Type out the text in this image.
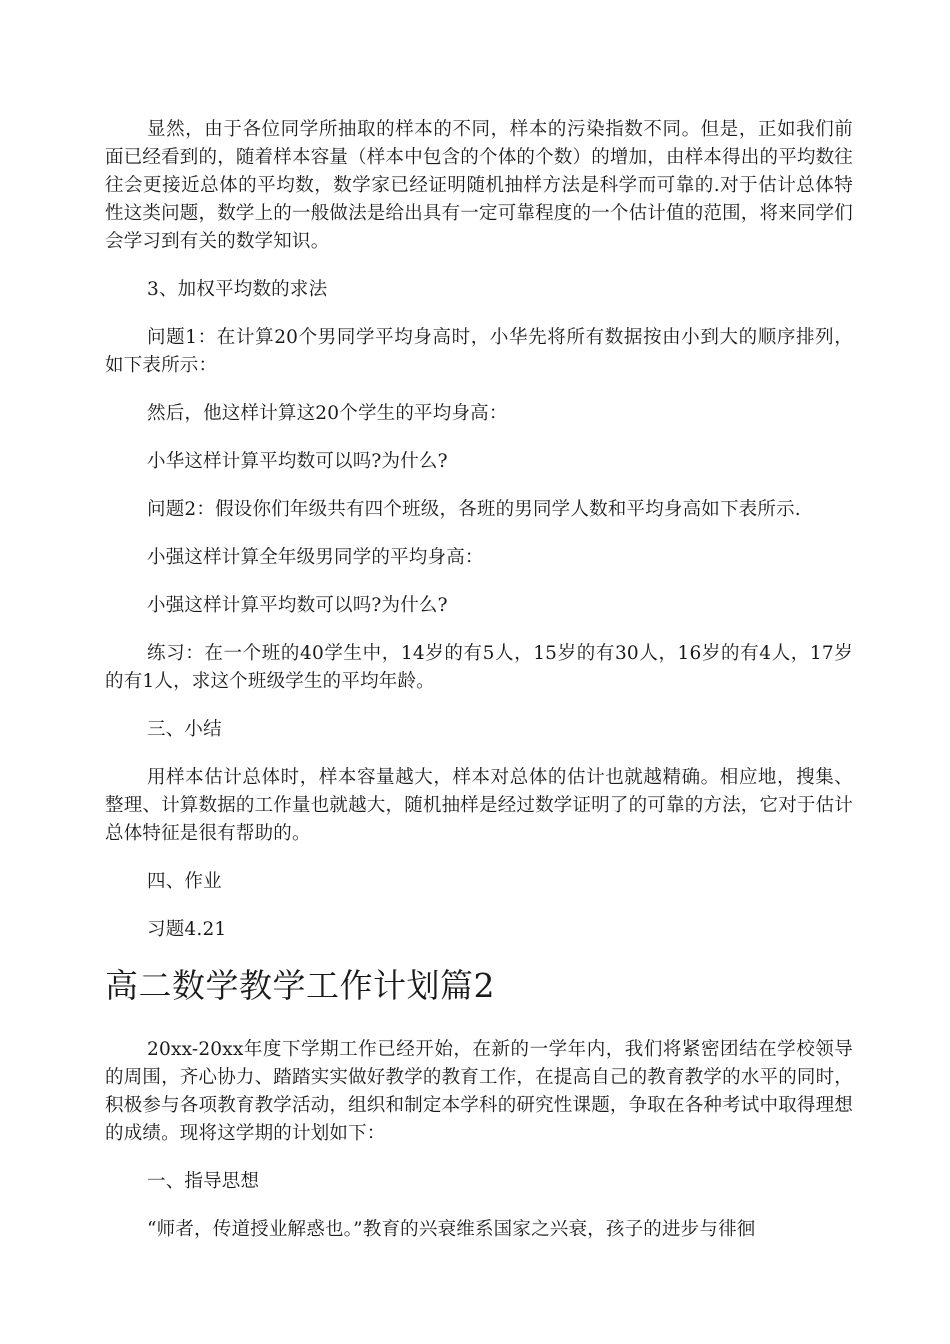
显然，由于各位同学所抽取的样本的不同，样本的污染指数不同。但是，正如我们前面已经看到的，随着样本容量（样本中包含的个体的个数）的增加，由样本得出的平均数往往会更接近总体的平均数，数学家已经证明随机抽样方法是科学而可靠的.对于估计总体特性这类问题，数学上的一般做法是给出具有一定可靠程度的一个估计值的范围，将来同学们会学习到有关的数学知识。

3、加权平均数的求法

问题1：在计算20个男同学平均身高时，小华先将所有数据按由小到大的顺序排列，如下表所示：

然后，他这样计算这20个学生的平均身高：

小华这样计算平均数可以吗?为什么?

问题2：假设你们年级共有四个班级，各班的男同学人数和平均身高如下表所示.

小强这样计算全年级男同学的平均身高：

小强这样计算平均数可以吗?为什么?

练习：在一个班的40学生中，14岁的有5人，15岁的有30人，16岁的有4人，17岁的有1人，求这个班级学生的平均年龄。

三、小结

用样本估计总体时，样本容量越大，样本对总体的估计也就越精确。相应地，搜集、整理、计算数据的工作量也就越大，随机抽样是经过数学证明了的可靠的方法，它对于估计总体特征是很有帮助的。

四、作业

习题4.21

高二数学教学工作计划篇2

20xx-20xx年度下学期工作已经开始，在新的一学年内，我们将紧密团结在学校领导的周围，齐心协力、踏踏实实做好教学的教育工作，在提高自己的教育教学的水平的同时，积极参与各项教育教学活动，组织和制定本学科的研究性课题，争取在各种考试中取得理想的成绩。现将这学期的计划如下：

一、指导思想

“师者，传道授业解惑也。”教育的兴衰维系国家之兴衰，孩子的进步与徘徊
